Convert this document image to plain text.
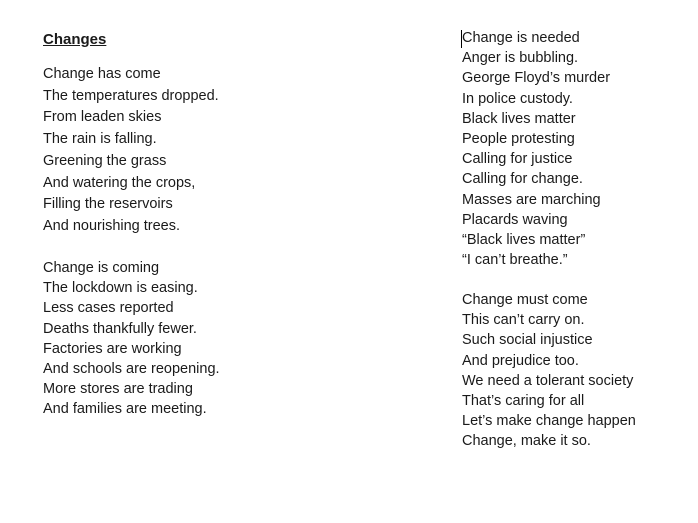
Changes

Change has come

The temperatures dropped.

From leaden skies

The rain is falling.

Greening the grass

And watering the crops,

Filling the reservoirs

And nourishing trees.

Change is coming

The lockdown is easing.

Less cases reported

Deaths thankfully fewer.

Factories are working

And schools are reopening.

More stores are trading

And families are meeting.

Change is needed

Anger is bubbling.

George Floyd’s murder

In police custody.

Black lives matter

People protesting

Calling for justice

Calling for change.

Masses are marching

Placards waving

“Black lives matter”

“I can’t breathe.”

Change must come

This can’t carry on.

Such social injustice

And prejudice too.

We need a tolerant society

That’s caring for all

Let’s make change happen

Change, make it so.
